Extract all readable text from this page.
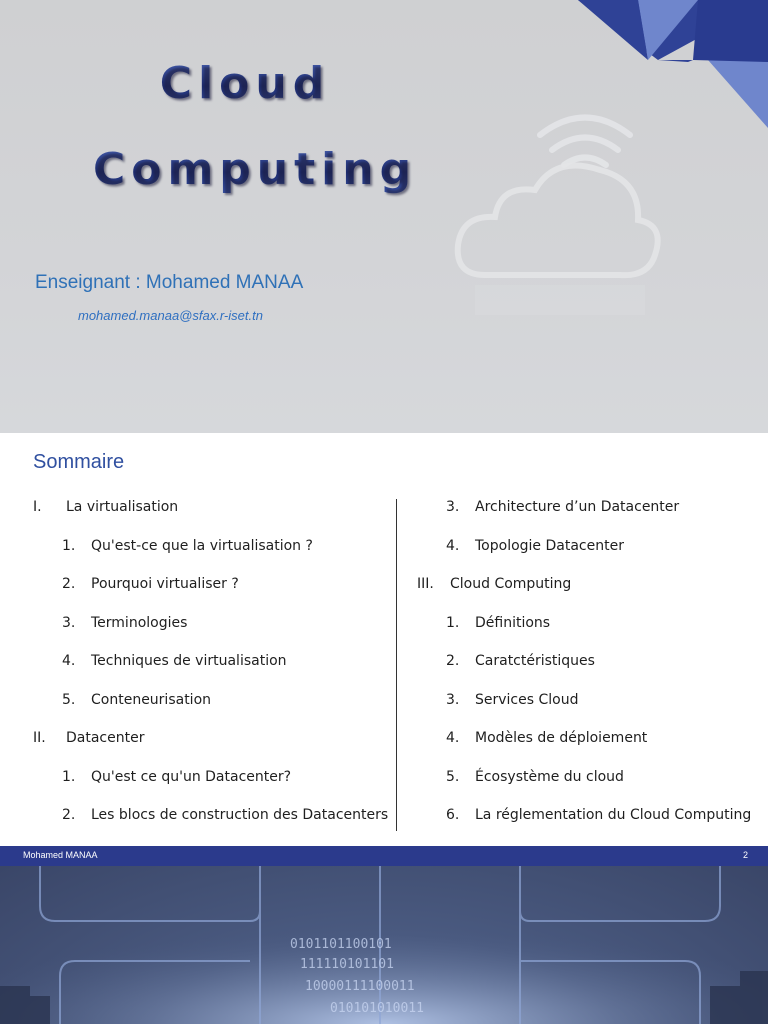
Cloud
Computing
Enseignant : Mohamed MANAA
mohamed.manaa@sfax.r-iset.tn
Sommaire
I. La virtualisation
1. Qu'est-ce que la virtualisation ?
2. Pourquoi virtualiser ?
3. Terminologies
4. Techniques de virtualisation
5. Conteneurisation
II. Datacenter
1. Qu'est ce qu'un Datacenter?
2. Les blocs de construction des Datacenters
3. Architecture d’un Datacenter
4. Topologie Datacenter
III. Cloud Computing
1. Définitions
2. Caratctéristiques
3. Services Cloud
4. Modèles de déploiement
5. Écosystème du cloud
6. La réglementation du Cloud Computing
Mohamed MANAA	2
0101101100101
111110101101
10000111100011
010101010011
